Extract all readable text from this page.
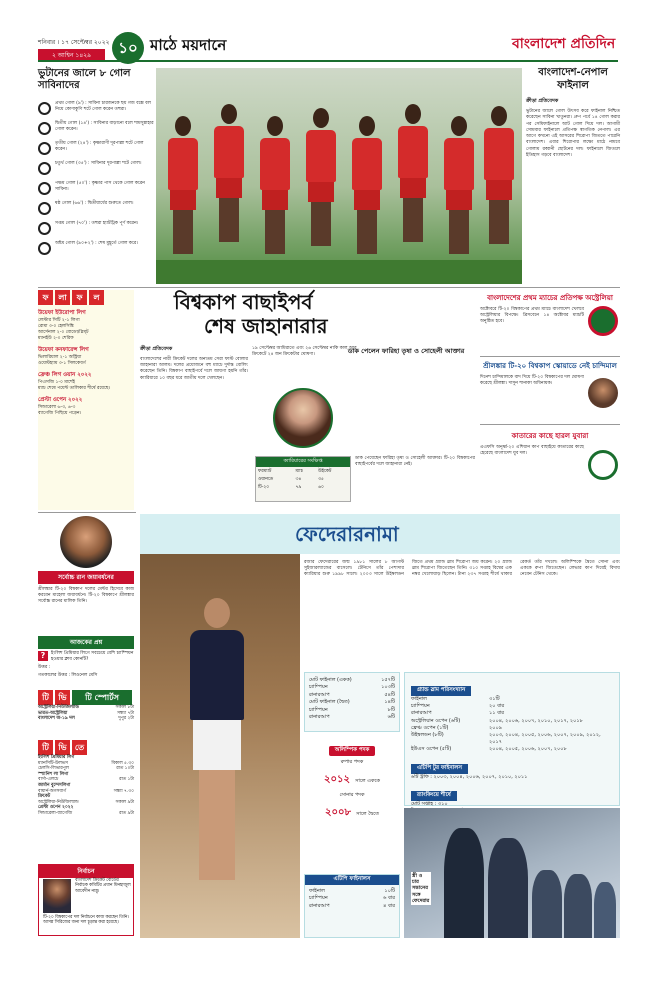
শনিবার । ১৭ সেপ্টেম্বর ২০২২
২ আশ্বিন ১৪২৯	১০ মাঠে ময়দানে	বাংলাদেশ প্রতিদিন
ভুটানের জালে ৮ গোল সাবিনাদের
প্রথম গোল (৯') : সাবিনা চারজনকে ছয় গজ বক্সে বল নিয়ে কোণাকুণি শটে গোল করেন তহুরা।
দ্বিতীয় গোল (১৪') : সাবিনার বাড়ানো বলে শামসুন্নাহার গোল করেন।
তৃতীয় গোল (২৪') : কৃষ্ণারাণী দূরপাল্লা শটে গোল করেন।
চতুর্থ গোল (৩৫') : সাবিনার দূরপাল্লা শটে গোল।
পঞ্চম গোল (৫০') : কৃষ্ণার পাস থেকে গোল করেন সাবিনা।
ষষ্ঠ গোল (৬৬') : দ্বিতীয়ার্ধের শুরুতে গোল।
সপ্তম গোল (৭০') : তহুরা হ্যাটট্রিক পূর্ণ করেন।
অষ্টম গোল (৯০+২') : শেষ মুহূর্তে গোল করে।
বাংলাদেশ-নেপাল ফাইনাল
ক্রীড়া প্রতিবেদক
ভুটানের জালে গোল উৎসব করে ফাইনাল নিশ্চিত করেছেন সাবিনা খাতুনরা। গ্রুপ পর্বে ১৪ গোল করার পর সেমিফাইনালে আট গোল দিয়ে দল। আগামী সোমবার ফাইনালে প্রতিপক্ষ স্বাগতিক নেপাল। এর আগে কখনো এই আসরের শিরোপা জিততে পারেনি বাংলাদেশ। এবার শিরোপার লক্ষ্যে মাঠে নামবে গোলাম রব্বানী ছোটনের দল। ফাইনালে জিতলে ইতিহাস গড়বে বাংলাদেশ।
ফ	লা	ফ	ল
উয়েফা ইউরোপা লিগ
লেস্টার সিটি ২-১ লিগা
রোমা ৩-০ হেলসিঙ্কি
আর্সেনাল ২-০ বোডো/গ্লিম্ট
ম্যানইউ ২-০ শেরিফ
উয়েফা কনফারেন্স লিগ
ভিলারিয়াল ২-১ অস্ট্রিয়া
ওয়েস্টহ্যাম ৩-১ সিলকেবর্গ
ফ্রেঞ্চ লিগ ওয়ান ২০২২
পিএসজি ১-০ মার্শেই
ম্যাচ শেষে পয়েন্ট তালিকার শীর্ষে রয়েছে।
প্রেস্টা ওপেন ২০২২
সিন্ডারেলা ৬-৩, ৬-৩
ব্যাগেজি পিছিয়ে পড়েন।
বিশ্বকাপ বাছাইপর্ব
শেষ জাহানারার
ক্রীড়া প্রতিবেদক
বাংলাদেশের নারী ক্রিকেট দলের অন্যতম সেরা ফাস্ট বোলার জাহানারা আলম। দলের প্রয়োজনে বহু ম্যাচে দুর্দান্ত বোলিং করেছেন তিনি। বিশ্বকাপ বাছাইপর্বে দলে জায়গা হয়নি তাঁর। ক্যারিয়ারে ১০ বছর ধরে জাতীয় দলে খেলছেন।
১৯ সেপ্টেম্বর আমিরাতে এবং ২৬ সেপ্টেম্বর নাকি কাল আর ক্রিকেটে ২৪ জন ক্রিকেটার ঘোষণা।	ডাক পেলেন ফারিহা তৃষা ও সোহেলী আক্তার
ক্যারিয়ারের সংক্ষিপ্ত
ফরম্যাট	ম্যাচ	উইকেট
ওয়ানডে	৩৪	৩৫
টি-২০	৭৯	৬০
ডাক পেয়েছেন ফারিহা তৃষা ও সোহেলী আক্তার। টি-২০ বিশ্বকাপের বাছাইপর্বের দলে জাহানারা নেই।
বাংলাদেশের প্রথম ম্যাচের প্রতিপক্ষ অস্ট্রেলিয়া
অক্টোবরে টি-২০ বিশ্বকাপের প্রথম ম্যাচে বাংলাদেশ খেলবে অস্ট্রেলিয়ার বিপক্ষে। ব্রিসবেনে ১৪ অক্টোবর ম্যাচটি অনুষ্ঠিত হবে।
শ্রীলঙ্কার টি-২০ বিশ্বকাপ স্কোয়াডে নেই চান্দিমাল
দিনেশ চান্দিমালকে বাদ দিয়ে টি-২০ বিশ্বকাপের দল ঘোষণা করেছে শ্রীলঙ্কা। দাসুন শানাকা অধিনায়ক।
কাতারের কাছে হারল যুবারা
এএফসি অনূর্ধ্ব-২০ এশিয়ান কাপ বাছাইয়ে কাতারের কাছে হেরেছে বাংলাদেশ যুব দল।
ফেদেরারনামা
রজার ফেদেরারের জন্ম ১৯৮১ সালের ৮ আগস্ট সুইজারল্যান্ডের বাসেলে। টেনিসে তাঁর পেশাদার ক্যারিয়ার শুরু ১৯৯৮ সালে। ২০০৩ সালে উইম্বলডন জিতে প্রথম গ্র্যান্ড স্লাম শিরোপা জয় করেন। ২০ গ্র্যান্ড স্লাম শিরোপা জিতেছেন তিনি। ৩১০ সপ্তাহ বিশ্বের এক নম্বর খেলোয়াড় ছিলেন। টানা ২৩৭ সপ্তাহ শীর্ষে থাকার রেকর্ড তাঁর দখলে। অলিম্পিকে দ্বৈতে সোনা এবং এককে রুপা জিতেছেন। লেভার কাপ দিয়েই বিদায় নেবেন টেনিস থেকে।
মোট ফাইনাল (একক)	১৫৭টি
চ্যাম্পিয়ন	১০৩টি
রানারআপ	৫৪টি
মোট ফাইনাল (দ্বৈত)	১৪টি
চ্যাম্পিয়ন	৮টি
রানারআপ	৬টি
অলিম্পিক পদক
রুপার পদক
২০১২ সালে এককে
সোনার পদক
২০০৮ সালে দ্বৈতে
এটিপি ফাইনালস
ফাইনাল	১০টি
চ্যাম্পিয়ন	৬ বার
রানারআপ	৪ বার
গ্র্যান্ড স্লাম পরিসংখ্যান
ফাইনাল	৩১টি
চ্যাম্পিয়ন	২০ বার
রানারআপ	১১ বার
অস্ট্রেলিয়ান ওপেন (৬টি)	২০০৪, ২০০৬, ২০০৭, ২০১০, ২০১৭, ২০১৮
ফ্রেঞ্চ ওপেন (১টি)	২০০৯
উইম্বলডন (৮টি)	২০০৩, ২০০৪, ২০০৫, ২০০৬, ২০০৭, ২০০৯, ২০১২, ২০১৭
ইউএস ওপেন (৫টি)	২০০৪, ২০০৫, ২০০৬, ২০০৭, ২০০৮
এটিপি টুর ফাইনালস
৬টি ট্রফি : ২০০৩, ২০০৪, ২০০৬, ২০০৭, ২০১০, ২০১১
র‌্যাংকিংয়ে শীর্ষে
মোট সপ্তাহ : ৩১০
স্ত্রী ও চার সন্তানের সঙ্গে ফেদেরার
সর্বোচ্চ রান জয়াবর্ধনের
শ্রীলঙ্কার টি-২০ বিশ্বকাপ দলের মেন্টর হিসেবে কাজ করবেন মাহেলা জয়াবর্ধনে। টি-২০ বিশ্বকাপে শ্রীলঙ্কার সর্বোচ্চ রানের মালিক তিনি।
আজকের প্রশ্ন
?	ইংলিশ প্রিমিয়ার লিগে সবচেয়ে বেশি চ্যাম্পিয়ন হওয়ার ক্লাব কোনটি?
উত্তর :
গতকালের উত্তর : লিওনেল মেসি
টি	ভি	টি স্পোর্টস
অস্ট্রেলিয়া-নিউজিল্যান্ড	সকাল ৮টা
ভারত-অস্ট্রেলিয়া	সন্ধ্যা ৭টা
বাংলাদেশ অ-১৯ দল	দুপুর ২টা
টি	ভি	তে
ইংলিশ প্রিমিয়ার লিগ
ম্যানসিটি-উলভস	বিকাল ৫.৩০
চেলসি-লিভারপুল	রাত ১০টা
স্প্যানিশ লা লিগা
বার্সা-এলচে	রাত ১টা
জার্মান বুন্দেসলিগা
বায়ার্ন-অগসবার্গ	সন্ধ্যা ৭.৩০
ক্রিকেট
অস্ট্রেলিয়া-নিউজিল্যান্ড	সকাল ৯টা
প্রেস্টা ওপেন ২০২২
সিন্ডারেলা-ব্যাগেজি	রাত ৯টা
নির্বাচন
বাংলাদেশ ক্রিকেট বোর্ডের নির্বাচক কমিটির প্রধান মিনহাজুল আবেদীন নান্নু।
টি-২০ বিশ্বকাপের দল নির্বাচনে কাজ করছেন তিনি। আসন্ন সিরিজের জন্য দল চূড়ান্ত করা হয়েছে।
